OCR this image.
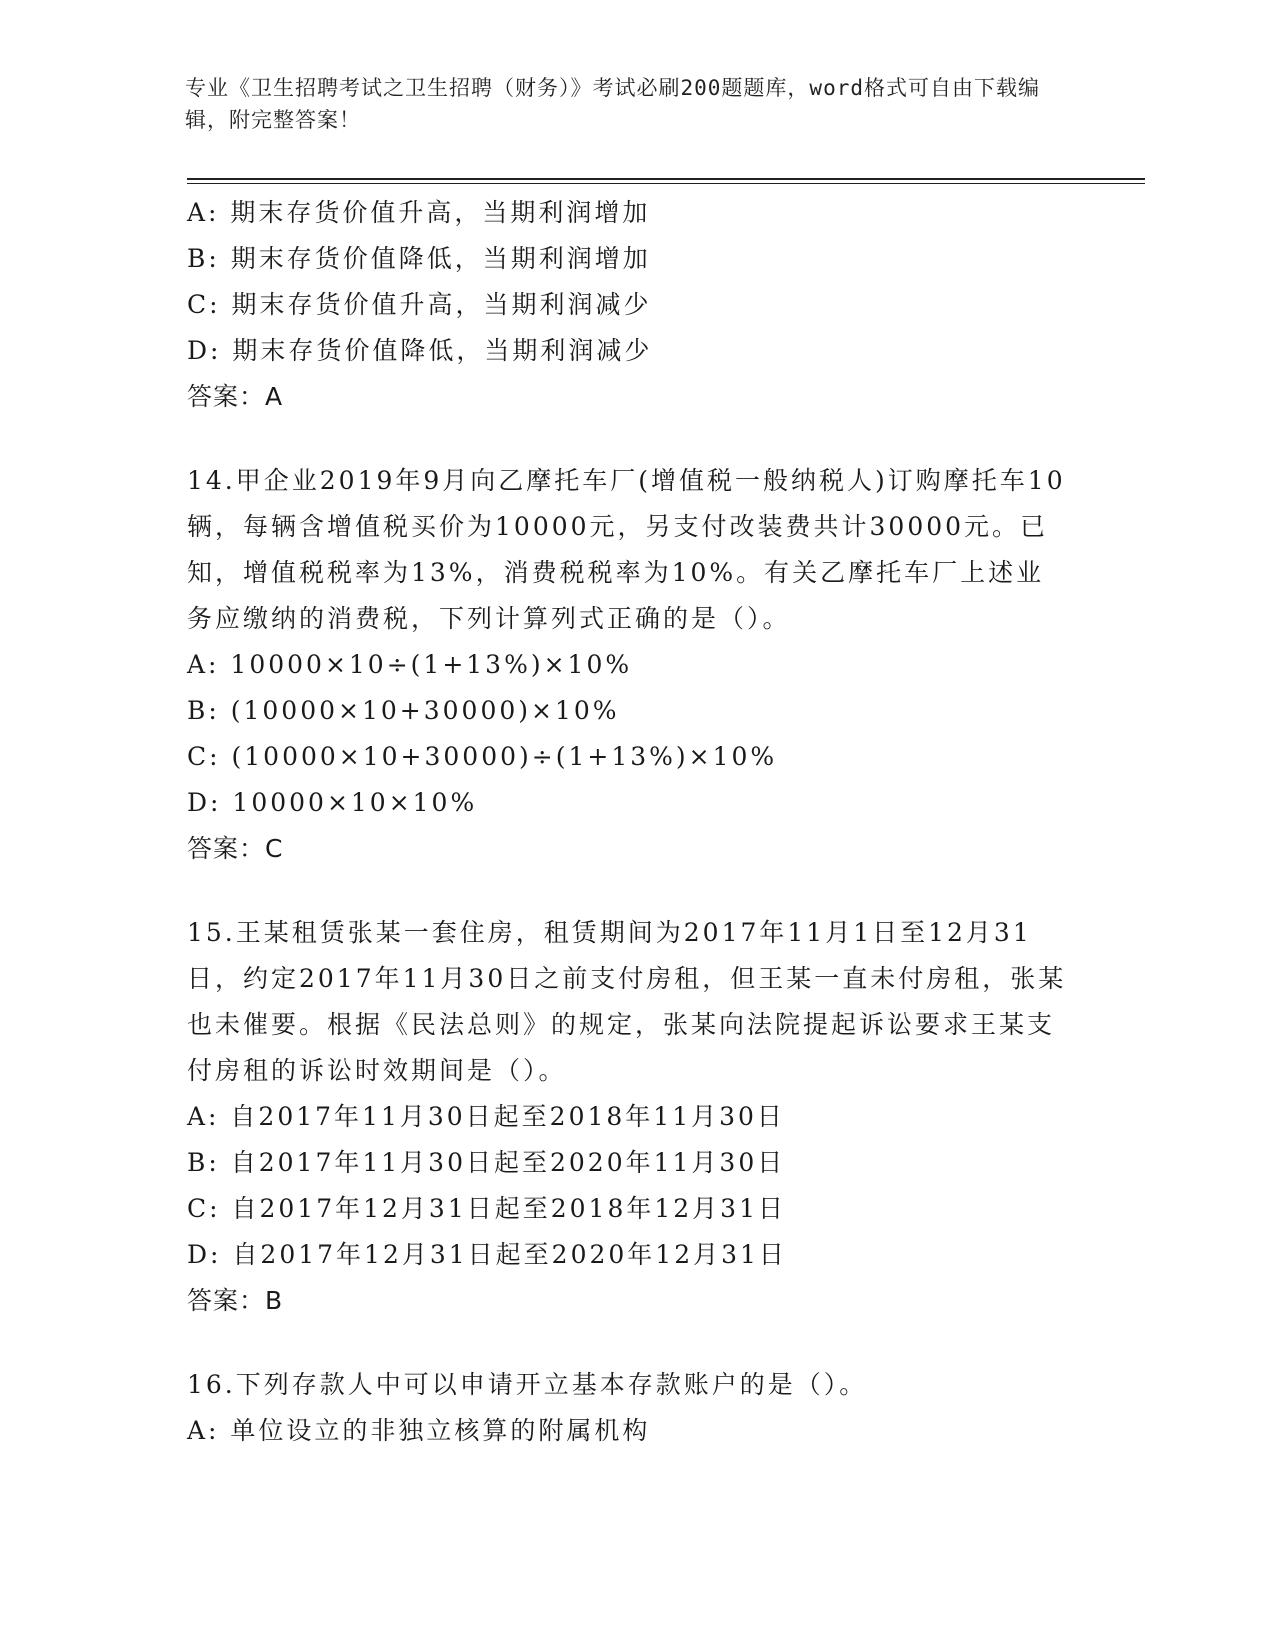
专业《卫生招聘考试之卫生招聘（财务）》考试必刷200题题库，word格式可自由下载编辑，附完整答案！
A: 期末存货价值升高，当期利润增加
B: 期末存货价值降低，当期利润增加
C: 期末存货价值升高，当期利润减少
D: 期末存货价值降低，当期利润减少
答案：A
14.甲企业2019年9月向乙摩托车厂(增值税一般纳税人)订购摩托车10辆，每辆含增值税买价为10000元，另支付改装费共计30000元。已知，增值税税率为13%，消费税税率为10%。有关乙摩托车厂上述业务应缴纳的消费税，下列计算列式正确的是（）。
A: 10000×10÷(1+13%)×10%
B: (10000×10+30000)×10%
C: (10000×10+30000)÷(1+13%)×10%
D: 10000×10×10%
答案：C
15.王某租赁张某一套住房，租赁期间为2017年11月1日至12月31日，约定2017年11月30日之前支付房租，但王某一直未付房租，张某也未催要。根据《民法总则》的规定，张某向法院提起诉讼要求王某支付房租的诉讼时效期间是（）。
A: 自2017年11月30日起至2018年11月30日
B: 自2017年11月30日起至2020年11月30日
C: 自2017年12月31日起至2018年12月31日
D: 自2017年12月31日起至2020年12月31日
答案：B
16.下列存款人中可以申请开立基本存款账户的是（）。
A: 单位设立的非独立核算的附属机构
